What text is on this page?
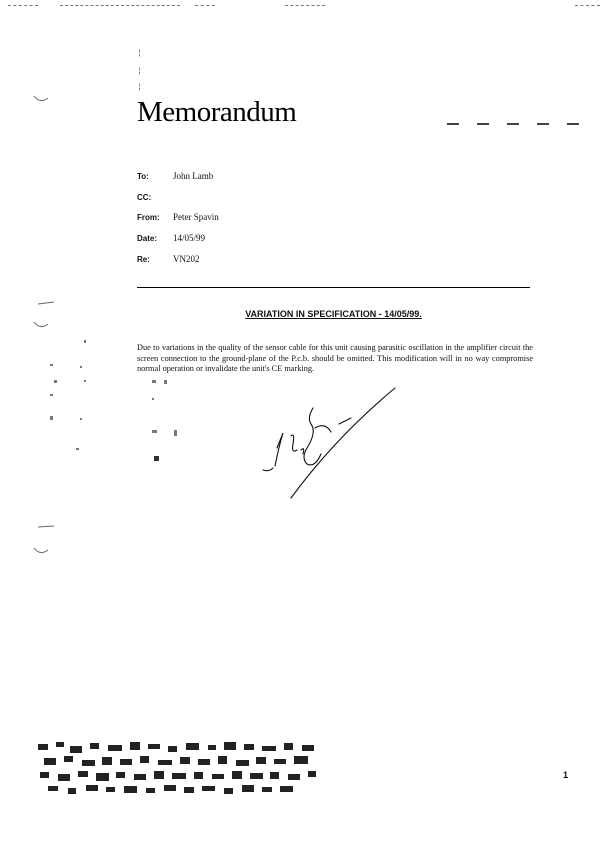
¦
¦
¦
Memorandum
To:	John Lamb
CC:
From: Peter Spavin
Date: 14/05/99
Re:	VN202
VARIATION IN SPECIFICATION - 14/05/99.
Due to variations in the quality of the sensor cable for this unit causing parasitic oscillation in the amplifier circuit the screen connection to the ground-plane of the P.c.b. should be omitted. This modification will in no way compromise normal operation or invalidate the unit's CE marking.
1
